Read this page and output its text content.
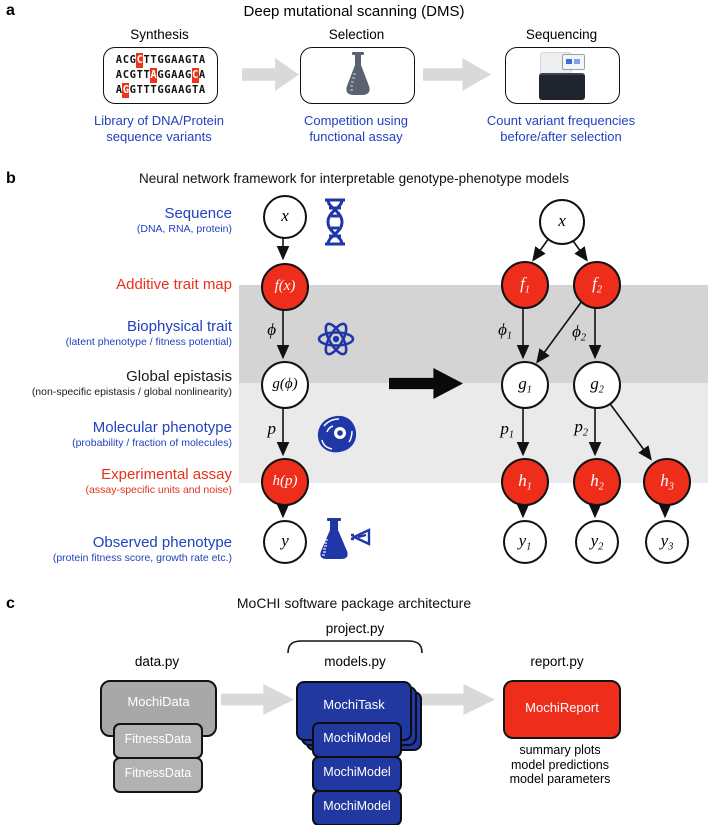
a	Deep mutational scanning (DMS)
Synthesis	Selection	Sequencing
ACGCTTGGAAGTA
ACGTTAGGAAGCA
AGGTTTGGAAGTA
Library of DNA/Protein
sequence variants
Competition using
functional assay
Count variant frequencies
before/after selection
b	Neural network framework for interpretable genotype-phenotype models
Sequence
(DNA, RNA, protein)
Additive trait map
Biophysical trait
(latent phenotype / fitness potential)
Global epistasis
(non-specific epistasis / global nonlinearity)
Molecular phenotype
(probability / fraction of molecules)
Experimental assay
(assay-specific units and noise)
Observed phenotype
(protein fitness score, growth rate etc.)
x
f(x)
g(ϕ)
h(p)
y
ϕ
p
x
$f_1$	$f_2$
$g_1$	$g_2$
$h_1$	$h_2$	$h_3$
$y_1$	$y_2$	$y_3$
$\phi_1$	$\phi_2$
$p_1$	$p_2$
c	MoCHI software package architecture
project.py
data.py	models.py	report.py
MochiData
FitnessData
FitnessData
MochiTask
MochiModel
MochiModel
MochiModel
MochiReport
summary plots
model predictions
model parameters
